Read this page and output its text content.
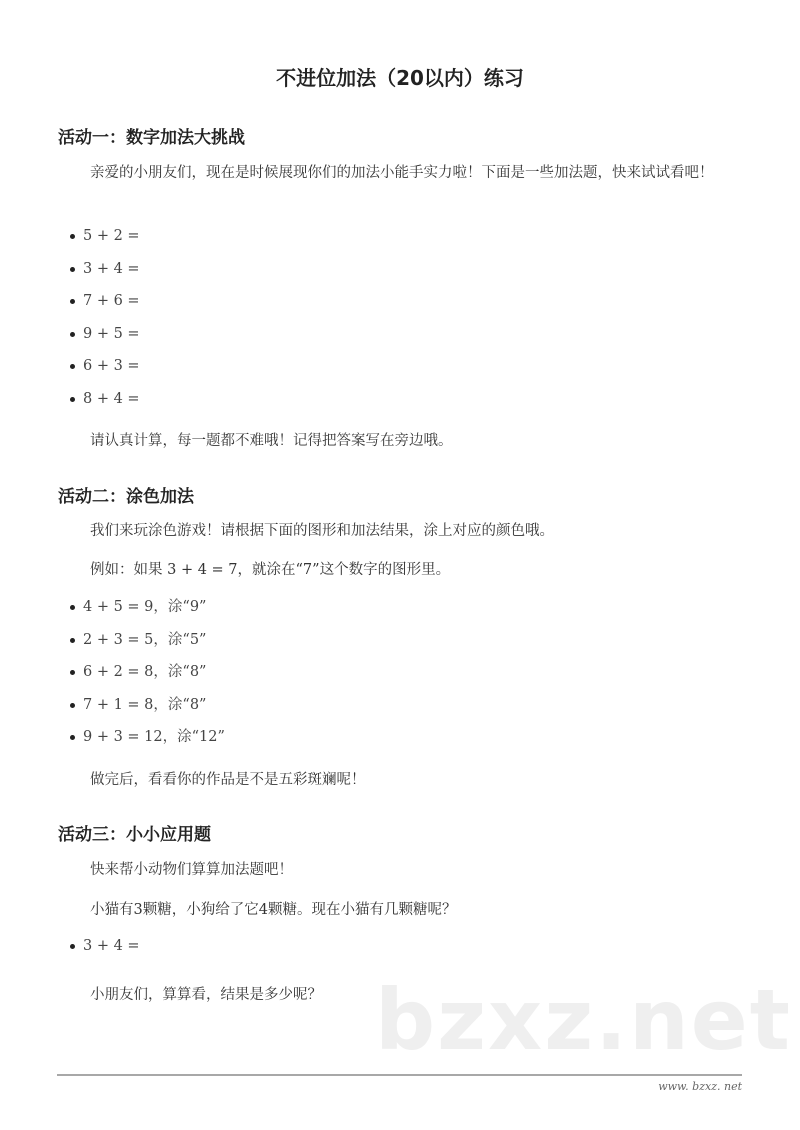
不进位加法（20以内）练习
活动一：数字加法大挑战
亲爱的小朋友们，现在是时候展现你们的加法小能手实力啦！下面是一些加法题，快来试试看吧！
5 + 2 =
3 + 4 =
7 + 6 =
9 + 5 =
6 + 3 =
8 + 4 =
请认真计算，每一题都不难哦！记得把答案写在旁边哦。
活动二：涂色加法
我们来玩涂色游戏！请根据下面的图形和加法结果，涂上对应的颜色哦。
例如：如果 3 + 4 = 7，就涂在“7”这个数字的图形里。
4 + 5 = 9，涂“9”
2 + 3 = 5，涂“5”
6 + 2 = 8，涂“8”
7 + 1 = 8，涂“8”
9 + 3 = 12，涂“12”
做完后，看看你的作品是不是五彩斑斓呢！
活动三：小小应用题
快来帮小动物们算算加法题吧！
小猫有3颗糖，小狗给了它4颗糖。现在小猫有几颗糖呢？
3 + 4 =
小朋友们，算算看，结果是多少呢？ bzxz.net
www. bzxz. net
